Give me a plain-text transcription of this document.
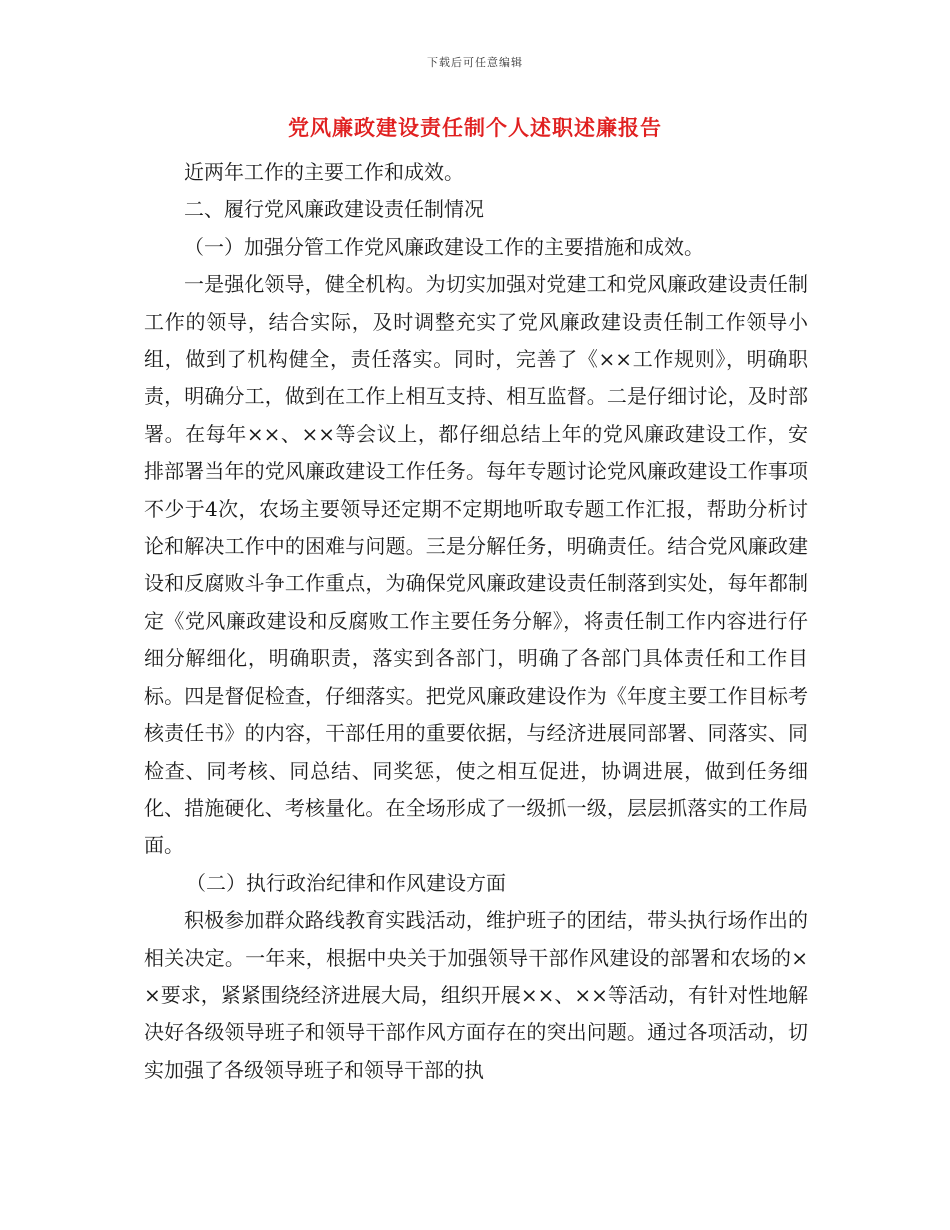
下载后可任意编辑
党风廉政建设责任制个人述职述廉报告

近两年工作的主要工作和成效。

二、履行党风廉政建设责任制情况

（一）加强分管工作党风廉政建设工作的主要措施和成效。

一是强化领导，健全机构。为切实加强对党建工和党风廉政建设责任制工作的领导，结合实际，及时调整充实了党风廉政建设责任制工作领导小组，做到了机构健全，责任落实。同时，完善了《××工作规则》，明确职责，明确分工，做到在工作上相互支持、相互监督。二是仔细讨论，及时部署。在每年××、××等会议上，都仔细总结上年的党风廉政建设工作，安排部署当年的党风廉政建设工作任务。每年专题讨论党风廉政建设工作事项不少于4次，农场主要领导还定期不定期地听取专题工作汇报，帮助分析讨论和解决工作中的困难与问题。三是分解任务，明确责任。结合党风廉政建设和反腐败斗争工作重点，为确保党风廉政建设责任制落到实处，每年都制定《党风廉政建设和反腐败工作主要任务分解》，将责任制工作内容进行仔细分解细化，明确职责，落实到各部门，明确了各部门具体责任和工作目标。四是督促检查，仔细落实。把党风廉政建设作为《年度主要工作目标考核责任书》的内容，干部任用的重要依据，与经济进展同部署、同落实、同检查、同考核、同总结、同奖惩，使之相互促进，协调进展，做到任务细化、措施硬化、考核量化。在全场形成了一级抓一级，层层抓落实的工作局面。

（二）执行政治纪律和作风建设方面

积极参加群众路线教育实践活动，维护班子的团结，带头执行场作出的相关决定。一年来，根据中央关于加强领导干部作风建设的部署和农场的××要求，紧紧围绕经济进展大局，组织开展××、××等活动，有针对性地解决好各级领导班子和领导干部作风方面存在的突出问题。通过各项活动，切实加强了各级领导班子和领导干部的执
